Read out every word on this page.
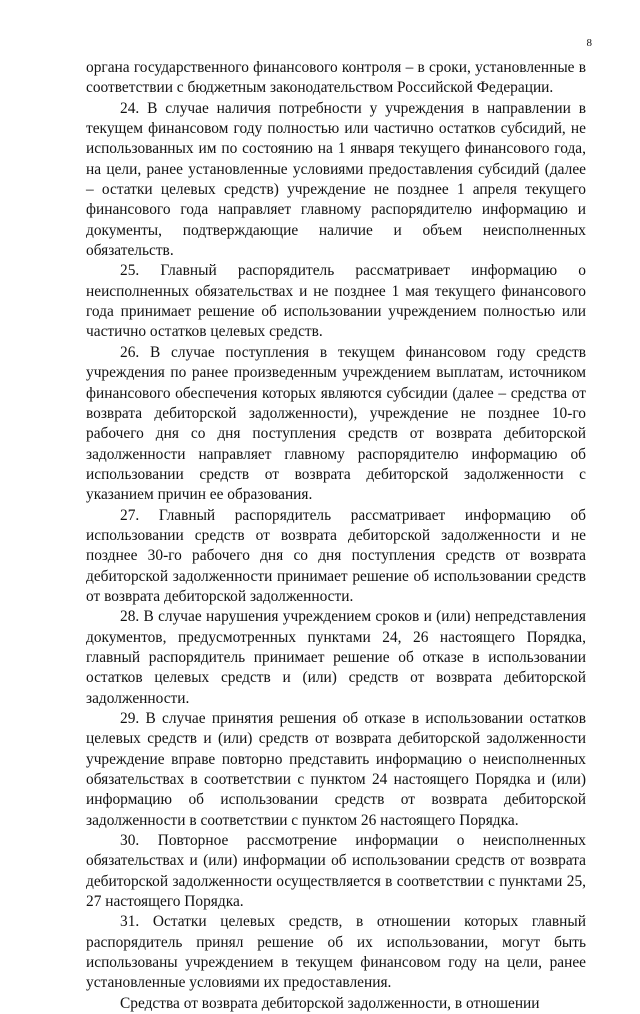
8

органа государственного финансового контроля – в сроки, установленные в соответствии с бюджетным законодательством Российской Федерации.

24. В случае наличия потребности у учреждения в направлении в текущем финансовом году полностью или частично остатков субсидий, не использованных им по состоянию на 1 января текущего финансового года, на цели, ранее установленные условиями предоставления субсидий (далее – остатки целевых средств) учреждение не позднее 1 апреля текущего финансового года направляет главному распорядителю информацию и документы, подтверждающие наличие и объем неисполненных обязательств.

25. Главный распорядитель рассматривает информацию о неисполненных обязательствах и не позднее 1 мая текущего финансового года принимает решение об использовании учреждением полностью или частично остатков целевых средств.

26. В случае поступления в текущем финансовом году средств учреждения по ранее произведенным учреждением выплатам, источником финансового обеспечения которых являются субсидии (далее – средства от возврата дебиторской задолженности), учреждение не позднее 10-го рабочего дня со дня поступления средств от возврата дебиторской задолженности направляет главному распорядителю информацию об использовании средств от возврата дебиторской задолженности с указанием причин ее образования.

27. Главный распорядитель рассматривает информацию об использовании средств от возврата дебиторской задолженности и не позднее 30-го рабочего дня со дня поступления средств от возврата дебиторской задолженности принимает решение об использовании средств от возврата дебиторской задолженности.

28. В случае нарушения учреждением сроков и (или) непредставления документов, предусмотренных пунктами 24, 26 настоящего Порядка, главный распорядитель принимает решение об отказе в использовании остатков целевых средств и (или) средств от возврата дебиторской задолженности.

29. В случае принятия решения об отказе в использовании остатков целевых средств и (или) средств от возврата дебиторской задолженности учреждение вправе повторно представить информацию о неисполненных обязательствах в соответствии с пунктом 24 настоящего Порядка и (или) информацию об использовании средств от возврата дебиторской задолженности в соответствии с пунктом 26 настоящего Порядка.

30. Повторное рассмотрение информации о неисполненных обязательствах и (или) информации об использовании средств от возврата дебиторской задолженности осуществляется в соответствии с пунктами 25, 27 настоящего Порядка.

31. Остатки целевых средств, в отношении которых главный распорядитель принял решение об их использовании, могут быть использованы учреждением в текущем финансовом году на цели, ранее установленные условиями их предоставления.

Средства от возврата дебиторской задолженности, в отношении
